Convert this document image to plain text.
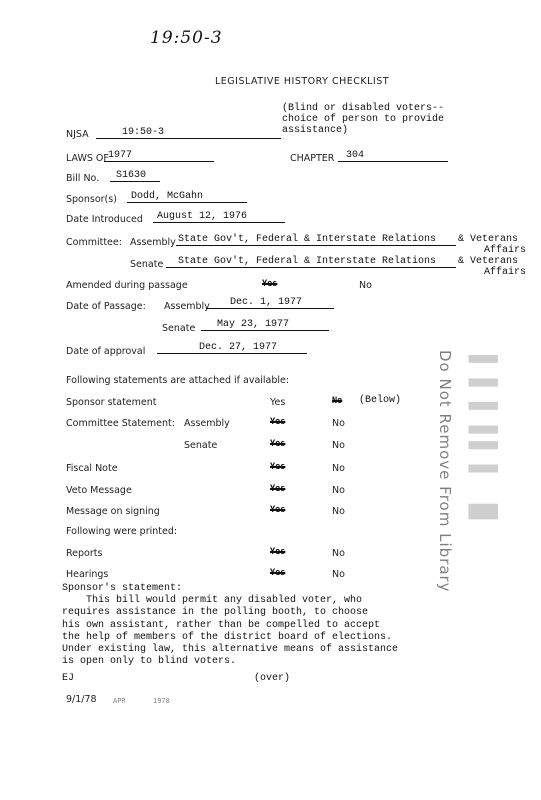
19:50-3
LEGISLATIVE HISTORY CHECKLIST
(Blind or disabled voters--
choice of person to provide
assistance)
NJSA	19:50-3
LAWS OF 1977	CHAPTER	304
Bill No.	S1630
Sponsor(s)	Dodd, McGahn
Date Introduced	August 12, 1976
Committee: Assembly State Gov't, Federal & Interstate Relations	& Veterans
Affairs
Senate	State Gov't, Federal & Interstate Relations	& Veterans
Affairs
Amended during passage	Yes	No
Date of Passage: Assembly	Dec. 1, 1977
Senate	May 23, 1977
Date of approval	Dec. 27, 1977
Following statements are attached if available:
Sponsor statement	Yes	No (Below)
Committee Statement: Assembly	Yes	No
Senate	Yes	No
Fiscal Note	Yes	No
Veto Message	Yes	No
Message on signing	Yes	No
Following were printed:
Reports	Yes	No
Hearings	Yes	No
Sponsor's statement:
This bill would permit any disabled voter, who
requires assistance in the polling booth, to choose
his own assistant, rather than be compelled to accept
the help of members of the district board of elections.
Under existing law, this alternative means of assistance
is open only to blind voters.
EJ	(over)
9/1/78 APR	1978
Do Not Remove From Library ▌▐ ▌▐▐ ▌ ▐▌
